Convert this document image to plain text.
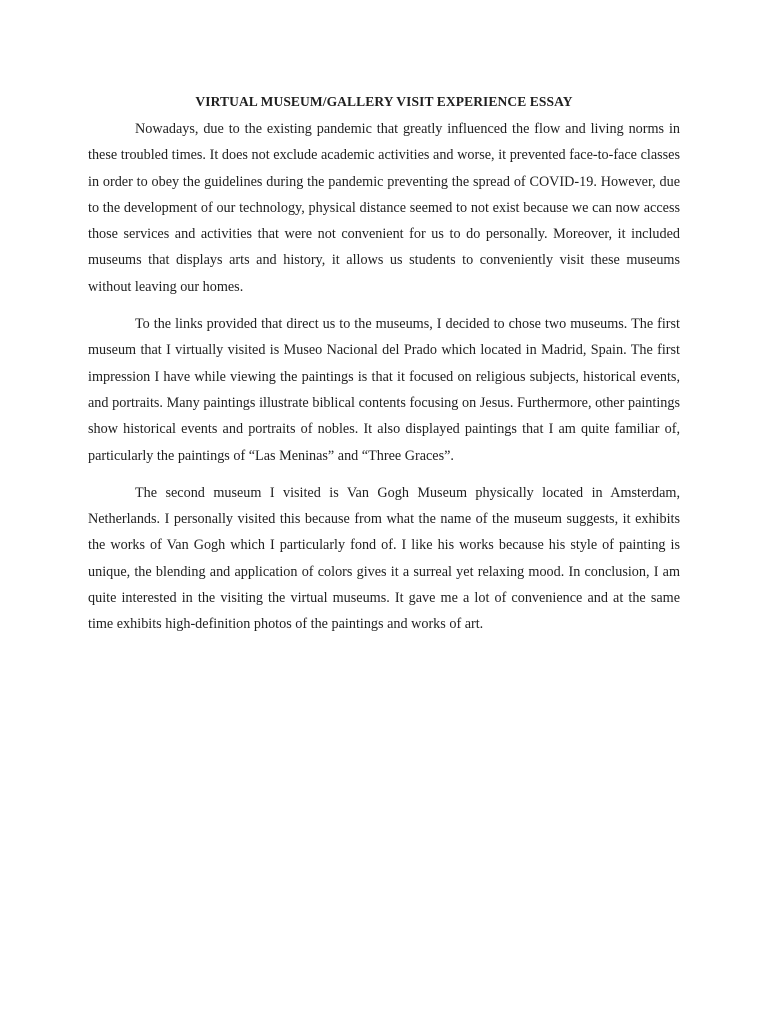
VIRTUAL MUSEUM/GALLERY VISIT EXPERIENCE ESSAY

Nowadays, due to the existing pandemic that greatly influenced the flow and living norms in these troubled times. It does not exclude academic activities and worse, it prevented face-to-face classes in order to obey the guidelines during the pandemic preventing the spread of COVID-19. However, due to the development of our technology, physical distance seemed to not exist because we can now access those services and activities that were not convenient for us to do personally. Moreover, it included museums that displays arts and history, it allows us students to conveniently visit these museums without leaving our homes.

To the links provided that direct us to the museums, I decided to chose two museums. The first museum that I virtually visited is Museo Nacional del Prado which located in Madrid, Spain. The first impression I have while viewing the paintings is that it focused on religious subjects, historical events, and portraits. Many paintings illustrate biblical contents focusing on Jesus. Furthermore, other paintings show historical events and portraits of nobles. It also displayed paintings that I am quite familiar of, particularly the paintings of “Las Meninas” and “Three Graces”.

The second museum I visited is Van Gogh Museum physically located in Amsterdam, Netherlands. I personally visited this because from what the name of the museum suggests, it exhibits the works of Van Gogh which I particularly fond of. I like his works because his style of painting is unique, the blending and application of colors gives it a surreal yet relaxing mood. In conclusion, I am quite interested in the visiting the virtual museums. It gave me a lot of convenience and at the same time exhibits high-definition photos of the paintings and works of art.
